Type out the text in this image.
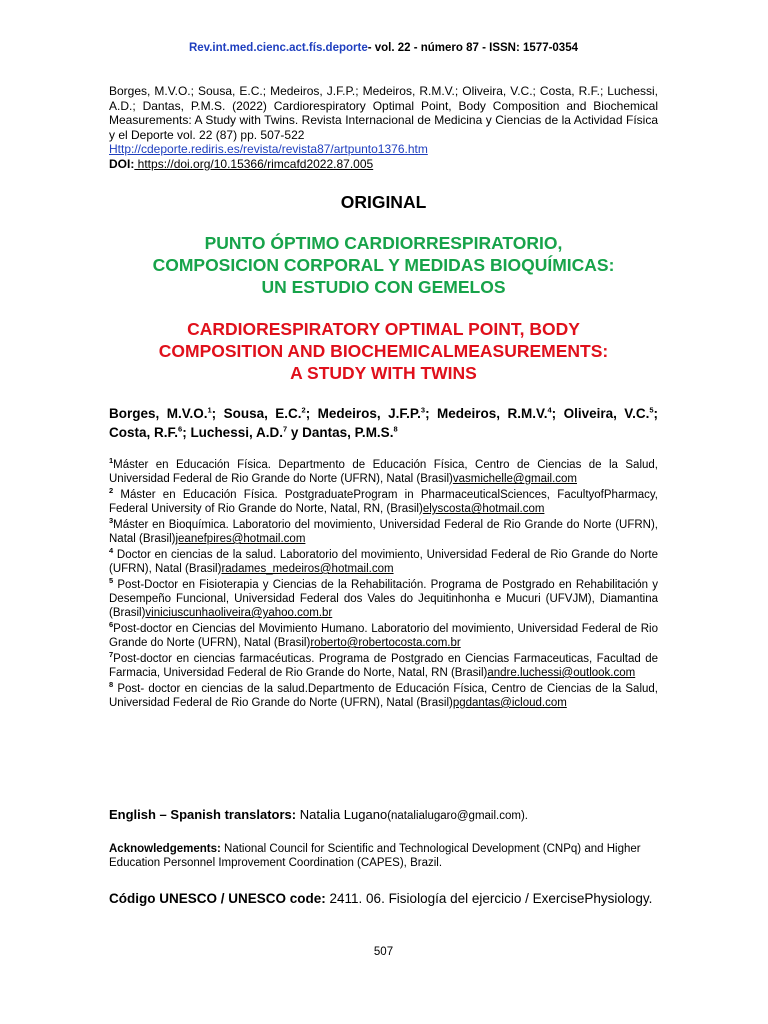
Rev.int.med.cienc.act.fís.deporte- vol. 22 - número 87 - ISSN: 1577-0354
Borges, M.V.O.; Sousa, E.C.; Medeiros, J.F.P.; Medeiros, R.M.V.; Oliveira, V.C.; Costa, R.F.; Luchessi, A.D.; Dantas, P.M.S. (2022) Cardiorespiratory Optimal Point, Body Composition and Biochemical Measurements: A Study with Twins. Revista Internacional de Medicina y Ciencias de la Actividad Física y el Deporte vol. 22 (87) pp. 507-522
Http://cdeporte.rediris.es/revista/revista87/artpunto1376.htm
DOI: https://doi.org/10.15366/rimcafd2022.87.005
ORIGINAL
PUNTO ÓPTIMO CARDIORRESPIRATORIO,
COMPOSICION CORPORAL Y MEDIDAS BIOQUÍMICAS:
UN ESTUDIO CON GEMELOS
CARDIORESPIRATORY OPTIMAL POINT, BODY
COMPOSITION AND BIOCHEMICALMEASUREMENTS:
A STUDY WITH TWINS
Borges, M.V.O.$^1$; Sousa, E.C.$^2$; Medeiros, J.F.P.$^3$; Medeiros, R.M.V.$^4$; Oliveira, V.C.$^5$; Costa, R.F.$^6$; Luchessi, A.D.$^7$ y Dantas, P.M.S.$^8$
$^1$Máster en Educación Física. Departmento de Educación Física, Centro de Ciencias de la Salud, Universidad Federal de Rio Grande do Norte (UFRN), Natal (Brasil)vasmichelle@gmail.com
$^2$ Máster en Educación Física. PostgraduateProgram in PharmaceuticalSciences, FacultyofPharmacy, Federal University of Rio Grande do Norte, Natal, RN, (Brasil)elyscosta@hotmail.com
$^3$Máster en Bioquímica. Laboratorio del movimiento, Universidad Federal de Rio Grande do Norte (UFRN), Natal (Brasil)jeanefpires@hotmail.com
$^4$ Doctor en ciencias de la salud. Laboratorio del movimiento, Universidad Federal de Rio Grande do Norte (UFRN), Natal (Brasil)radames_medeiros@hotmail.com
$^5$ Post-Doctor en Fisioterapia y Ciencias de la Rehabilitación. Programa de Postgrado en Rehabilitación y Desempeño Funcional, Universidad Federal dos Vales do Jequitinhonha e Mucuri (UFVJM), Diamantina (Brasil)viniciuscunhaoliveira@yahoo.com.br
$^6$Post-doctor en Ciencias del Movimiento Humano. Laboratorio del movimiento, Universidad Federal de Rio Grande do Norte (UFRN), Natal (Brasil)roberto@robertocosta.com.br
$^7$Post-doctor en ciencias farmacéuticas. Programa de Postgrado en Ciencias Farmaceuticas, Facultad de Farmacia, Universidad Federal de Rio Grande do Norte, Natal, RN (Brasil)andre.luchessi@outlook.com
$^8$ Post- doctor en ciencias de la salud.Departmento de Educación Física, Centro de Ciencias de la Salud, Universidad Federal de Rio Grande do Norte (UFRN), Natal (Brasil)pgdantas@icloud.com
English – Spanish translators: Natalia Lugano(natalialugaro@gmail.com).
Acknowledgements: National Council for Scientific and Technological Development (CNPq) and Higher Education Personnel Improvement Coordination (CAPES), Brazil.
Código UNESCO / UNESCO code: 2411. 06. Fisiología del ejercicio / ExercisePhysiology.
507
